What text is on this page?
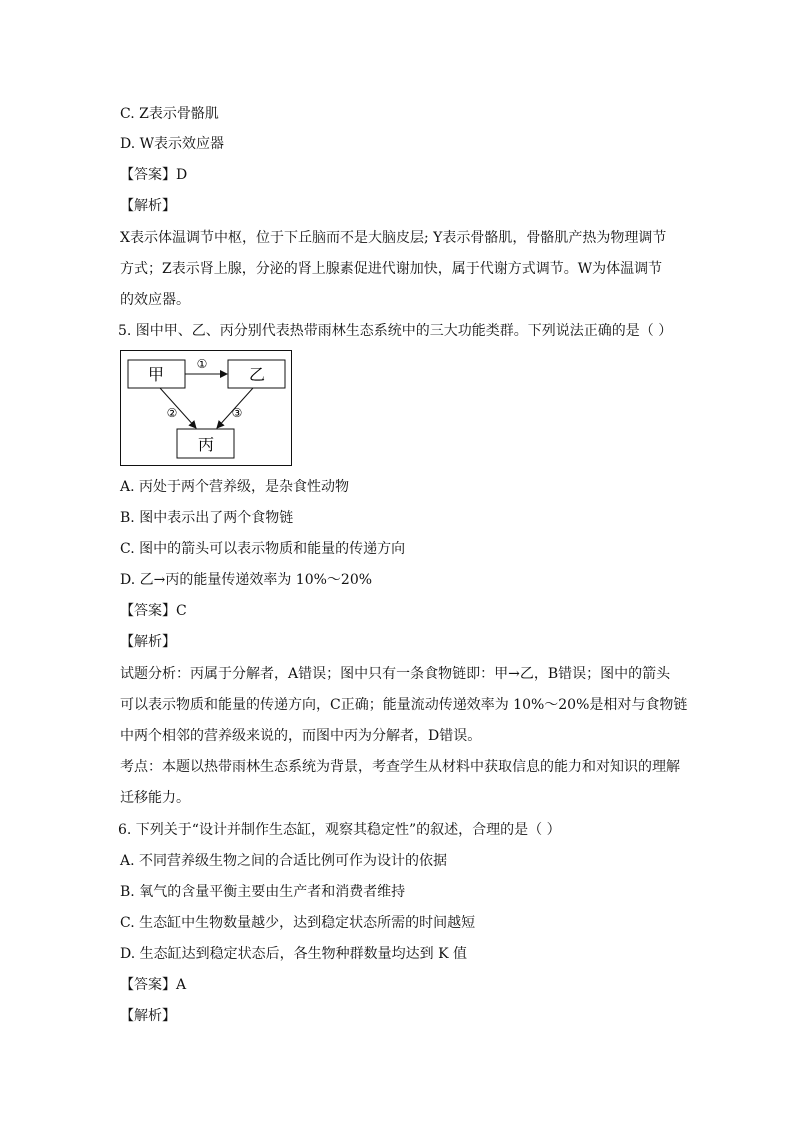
C. Z表示骨骼肌
D. W表示效应器
【答案】D
【解析】
X表示体温调节中枢，位于下丘脑而不是大脑皮层; Y表示骨骼肌，骨骼肌产热为物理调节
方式；Z表示肾上腺，分泌的肾上腺素促进代谢加快，属于代谢方式调节。W为体温调节
的效应器。
5. 图中甲、乙、丙分别代表热带雨林生态系统中的三大功能类群。下列说法正确的是（ ）
甲	乙
丙
①
②	③
A. 丙处于两个营养级，是杂食性动物
B. 图中表示出了两个食物链
C. 图中的箭头可以表示物质和能量的传递方向
D. 乙→丙的能量传递效率为 10%～20%
【答案】C
【解析】
试题分析：丙属于分解者，A错误；图中只有一条食物链即：甲→乙，B错误；图中的箭头
可以表示物质和能量的传递方向，C正确；能量流动传递效率为 10%～20%是相对与食物链
中两个相邻的营养级来说的，而图中丙为分解者，D错误。
考点：本题以热带雨林生态系统为背景，考查学生从材料中获取信息的能力和对知识的理解
迁移能力。
6. 下列关于“设计并制作生态缸，观察其稳定性”的叙述，合理的是（ ）
A. 不同营养级生物之间的合适比例可作为设计的依据
B. 氧气的含量平衡主要由生产者和消费者维持
C. 生态缸中生物数量越少，达到稳定状态所需的时间越短
D. 生态缸达到稳定状态后，各生物种群数量均达到 K 值
【答案】A
【解析】
